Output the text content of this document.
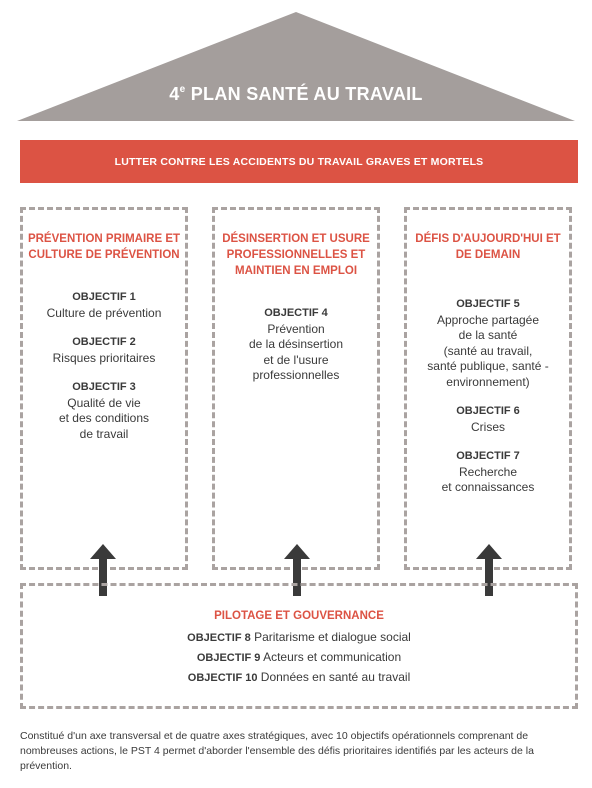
4e PLAN SANTÉ AU TRAVAIL
LUTTER CONTRE LES ACCIDENTS DU TRAVAIL GRAVES ET MORTELS
PRÉVENTION PRIMAIRE ET CULTURE DE PRÉVENTION
OBJECTIF 1
Culture de prévention
OBJECTIF 2
Risques prioritaires
OBJECTIF 3
Qualité de vie
et des conditions
de travail
DÉSINSERTION ET USURE PROFESSIONNELLES ET MAINTIEN EN EMPLOI
OBJECTIF 4
Prévention
de la désinsertion
et de l'usure
professionnelles
DÉFIS D'AUJOURD'HUI ET DE DEMAIN
OBJECTIF 5
Approche partagée
de la santé
(santé au travail,
santé publique, santé -
environnement)
OBJECTIF 6
Crises
OBJECTIF 7
Recherche
et connaissances
PILOTAGE ET GOUVERNANCE
OBJECTIF 8 Paritarisme et dialogue social
OBJECTIF 9 Acteurs et communication
OBJECTIF 10 Données en santé au travail
Constitué d'un axe transversal et de quatre axes stratégiques, avec 10 objectifs opérationnels comprenant de nombreuses actions, le PST 4 permet d'aborder l'ensemble des défis prioritaires identifiés par les acteurs de la prévention.
